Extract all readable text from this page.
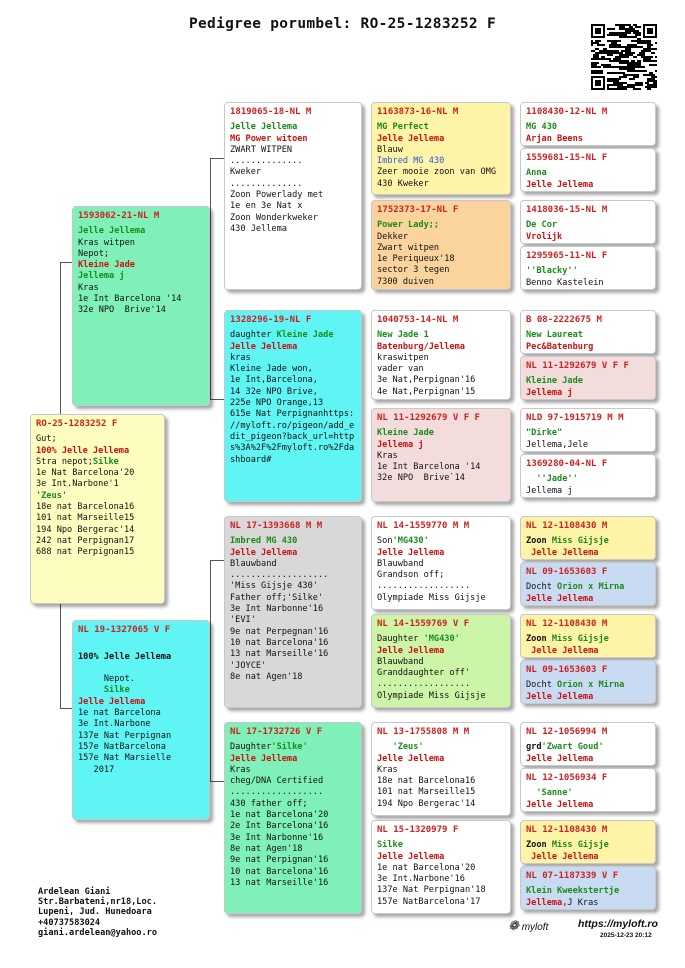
Pedigree porumbel: RO-25-1283252 F
RO-25-1283252 F
Gut;
100% Jelle Jellema
Stra nepot;Silke
1e Nat Barcelona'20
3e Int.Narbone'1
'Zeus'
18e nat Barcelona16
101 nat Marseille15
194 Npo Bergerac'14
242 nat Perpignan17
688 nat Perpignan15
1593062-21-NL M
Jelle Jellema
Kras witpen
Nepot;
Kleine Jade
Jellema j
Kras
1e Int Barcelona '14
32e NPO  Brive'14
NL 19-1327065 V F

100% Jelle Jellema

Nepot.
Silke
Jelle Jellema
1e nat Barcelona
3e Int.Narbone
137e Nat Perpignan
157e NatBarcelona
157e Nat Marsielle
2017
1819065-18-NL M
Jelle Jellema
MG Power witoen
ZWART WITPEN
..............
Kweker
..............
Zoon Powerlady met
1e en 3e Nat x
Zoon Wonderkweker
430 Jellema
1328296-19-NL F
daughter Kleine Jade
Jelle Jellema
kras
Kleine Jade won,
1e Int,Barcelona,
14 32e NPO Brive,
225e NPO Orange,13
615e Nat Perpignanhttps:
//myloft.ro/pigeon/add_e
dit_pigeon?back_url=http
s%3A%2F%2Fmyloft.ro%2Fda
shboard#
NL 17-1393668 M M
Imbred MG 430
Jelle Jellema
Blauwband
...................
'Miss Gijsje 430'
Father off;'Silke'
3e Int Narbonne'16
'EVI'
9e nat Perpegnan'16
10 nat Barcelona'16
13 nat Marseille'16
'JOYCE'
8e nat Agen'18
NL 17-1732726 V F
Daughter'Silke'
Jelle Jellema
Kras
cheg/DNA Certified
..................
430 father off;
1e nat Barcelona'20
2e Int Barcelona'16
3e Int Narbonne'16
8e nat Agen'18
9e nat Perpignan'16
10 nat Barcelona'16
13 nat Marseille'16
1163873-16-NL M
MG Perfect
Jelle Jellema
Blauw
Imbred MG 430
Zeer mooie zoon van OMG
430 Kweker
1752373-17-NL F
Power Lady;;
Dekker
Zwart witpen
1e Periqueux'18
sector 3 tegen
7300 duiven
1040753-14-NL M
New Jade 1
Batenburg/Jellema
kraswitpen
vader van
3e Nat,Perpignan'16
4e Nat,Perpignan'15
NL 11-1292679 V F F
Kleine Jade
Jellema j
Kras
1e Int Barcelona '14
32e NPO  Brive`14
NL 14-1559770 M M
Son'MG430'
Jelle Jellema
Blauwband
Grandson off;
..................
Olympiade Miss Gijsje
NL 14-1559769 V F
Daughter 'MG430'
Jelle Jellema
Blauwband
Granddaughter off'
..................
Olympiade Miss Gijsje
NL 13-1755808 M M
'Zeus'
Jelle Jellema
Kras
18e nat Barcelona16
101 nat Marseille15
194 Npo Bergerac'14
NL 15-1320979 F
Silke
Jelle Jellema
1e nat Barcelona'20
3e Int.Narbone'16
137e Nat Perpignan'18
157e NatBarcelona'17
1108430-12-NL M
MG 430
Arjan Beens
1559681-15-NL F
Anna
Jelle Jellema
1418036-15-NL M
De Cor
Vrolijk
1295965-11-NL F
''Blacky''
Benno Kastelein
B 08-2222675 M
New Laureat
Pec&Batenburg
NL 11-1292679 V F F
Kleine Jade
Jellema j
NLD 97-1915719 M M
"Dirke"
Jellema,Jele
1369280-04-NL F
''Jade''
Jellema j
NL 12-1108430 M
Zoon Miss Gijsje
Jelle Jellema
NL 09-1653603 F
Docht Orion x Mirna
Jelle Jellema
NL 12-1108430 M
Zoon Miss Gijsje
Jelle Jellema
NL 09-1653603 F
Docht Orion x Mirna
Jelle Jellema
NL 12-1056994 M
grd'Zwart Goud'
Jelle Jellema
NL 12-1056934 F
'Sanne'
Jelle Jellema
NL 12-1108430 M
Zoon Miss Gijsje
Jelle Jellema
NL 07-1187339 V F
Klein Kweekstertje
Jellema,J Kras
Ardelean Giani
Str.Barbateni,nr18,Loc.
Lupeni, Jud. Hunedoara
+40737583024
giani.ardelean@yahoo.ro	❁ myloft	https://myloft.ro
2025-12-23 20:12
